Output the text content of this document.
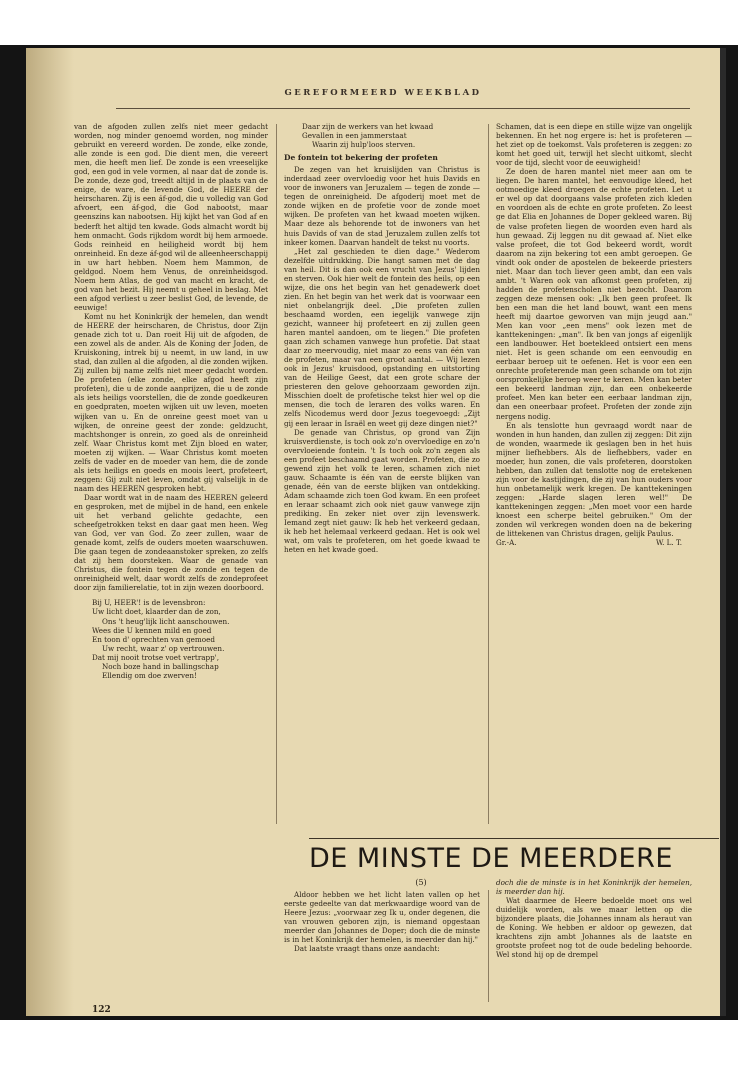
GEREFORMEERD WEEKBLAD

van de afgoden zullen zelfs niet meer gedacht worden, nog minder genoemd worden, nog minder gebruikt en vereerd worden. De zonde, elke zonde, alle zonde is een god. Die dient men, die vereert men, die heeft men lief. De zonde is een vreeselijke god, een god in vele vormen, al naar dat de zonde is. De zonde, deze god, treedt altijd in de plaats van de enige, de ware, de levende God, de HEERE der heirscharen. Zij is een áf-god, die u volledig van God afvoert, een áf-god, die God nabootst, maar geenszins kan nabootsen. Hij kijkt het van God af en bederft het altijd ten kwade. Gods almacht wordt bij hem onmacht. Gods rijkdom wordt bij hem armoede. Gods reinheid en heiligheid wordt bij hem onreinheid. En deze áf-god wil de alleenheerschappij in uw hart hebben. Noem hem Mammon, de geldgod. Noem hem Venus, de onreinheidsgod. Noem hem Atlas, de god van macht en kracht, de god van het bezit. Hij neemt u geheel in beslag. Met een afgod verliest u zeer beslist God, de levende, de eeuwige!

Komt nu het Koninkrijk der hemelen, dan wendt de HEERE der heirscharen, de Christus, door Zijn genade zich tot u. Dan roeit Hij uit de afgoden, de een zowel als de ander. Als de Koning der Joden, de Kruiskoning, intrek bij u neemt, in uw land, in uw stad, dan zullen al die afgoden, al die zonden wijken. Zij zullen bij name zelfs niet meer gedacht worden. De profeten (elke zonde, elke afgod heeft zijn profeten), die u de zonde aanprijzen, die u de zonde als iets heiligs voorstellen, die de zonde goedkeuren en goedpraten, moeten wijken uit uw leven, moeten wijken van u. En de onreine geest moet van u wijken, de onreine geest der zonde: geldzucht, machtshonger is onrein, zo goed als de onreinheid zelf. Waar Christus komt met Zijn bloed en water, moeten zij wijken. — Waar Christus komt moeten zelfs de vader en de moeder van hem, die de zonde als iets heiligs en goeds en moois leert, profeteert, zeggen: Gij zult niet leven, omdat gij valselijk in de naam des HEEREN gesproken hebt.

Daar wordt wat in de naam des HEEREN geleerd en gesproken, met de mijbel in de hand, een enkele uit het verband gelichte gedachte, een scheefgetrokken tekst en daar gaat men heen. Weg van God, ver van God. Zo zeer zullen, waar de genade komt, zelfs de ouders moeten waarschuwen. Die gaan tegen de zondeaanstoker spreken, zo zelfs dat zij hem doorsteken. Waar de genade van Christus, die fontein tegen de zonde en tegen de onreinigheid welt, daar wordt zelfs de zondeprofeet door zijn familierelatie, tot in zijn wezen doorboord.

Bij U, HEER'! is de levensbron:

Uw licht doet, klaarder dan de zon,

Ons 't heug'lijk licht aanschouwen.

Wees die U kennen mild en goed

En toon d' oprechten van gemoed

Uw recht, waar z' op vertrouwen.

Dat mij nooit trotse voet vertrapp',

Noch boze hand in ballingschap

Ellendig om doe zwerven!

Daar zijn de werkers van het kwaad

Gevallen in een jammerstaat

Waarin zij hulp'loos sterven.

De fontein tot bekering der profeten

De zegen van het kruislijden van Christus is inderdaad zeer overvloedig voor het huis Davids en voor de inwoners van Jeruzalem — tegen de zonde — tegen de onreinigheid. De afgoderij moet met de zonde wijken en de profetie voor de zonde moet wijken. De profeten van het kwaad moeten wijken. Maar deze als behorende tot de inwoners van het huis Davids of van de stad Jeruzalem zullen zelfs tot inkeer komen. Daarvan handelt de tekst nu voorts.

„Het zal geschieden te dien dage." Wederom dezelfde uitdrukking. Die hangt samen met de dag van heil. Dit is dan ook een vrucht van Jezus' lijden en sterven. Ook hier welt de fontein des heils, op een wijze, die ons het begin van het genadewerk doet zien. En het begin van het werk dat is voorwaar een niet onbelangrijk deel. „Die profeten zullen beschaamd worden, een iegelijk vanwege zijn gezicht, wanneer hij profeteert en zij zullen geen haren mantel aandoen, om te liegen." Die profeten gaan zich schamen vanwege hun profetie. Dat staat daar zo meervoudig, niet maar zo eens van één van de profeten, maar van een groot aantal. — Wij lezen ook in Jezus' kruisdood, opstanding en uitstorting van de Heilige Geest, dat een grote schare der priesteren den gelove gehoorzaam geworden zijn. Misschien doelt de profetische tekst hier wel op die mensen, die toch de leraren des volks waren. En zelfs Nicodemus werd door Jezus toegevoegd: „Zijt gij een leraar in Israël en weet gij deze dingen niet?"

De genade van Christus, op grond van Zijn kruisverdienste, is toch ook zo'n overvloedige en zo'n overvloeiende fontein. 't Is toch ook zo'n zegen als een profeet beschaamd gaat worden. Profeten, die zo gewend zijn het volk te leren, schamen zich niet gauw. Schaamte is één van de eerste blijken van genade, één van de eerste blijken van ontdekking. Adam schaamde zich toen God kwam. En een profeet en leraar schaamt zich ook niet gauw vanwege zijn prediking. En zeker niet over zijn levenswerk. Iemand zegt niet gauw: Ik heb het verkeerd gedaan, ik heb het helemaal verkeerd gedaan. Het is ook wel wat, om vals te profeteren, om het goede kwaad te heten en het kwade goed.

Schamen, dat is een diepe en stille wijze van ongelijk bekennen. En het nog ergere is: het is profeteren — het ziet op de toekomst. Vals profeteren is zeggen: zo komt het goed uit, terwijl het slecht uitkomt, slecht voor de tijd, slecht voor de eeuwigheid!

Ze doen de haren mantel niet meer aan om te liegen. De haren mantel, het eenvoudige kleed, het ootmoedige kleed droegen de echte profeten. Let u er wel op dat doorgaans valse profeten zich kleden en voordoen als de echte en grote profeten. Zo leest ge dat Elia en Johannes de Doper gekleed waren. Bij de valse profeten liegen de woorden even hard als hun gewaad. Zij leggen nu dit gewaad af. Niet elke valse profeet, die tot God bekeerd wordt, wordt daarom na zijn bekering tot een ambt geroepen. Ge vindt ook onder de apostelen de bekeerde priesters niet. Maar dan toch liever geen ambt, dan een vals ambt. 't Waren ook van afkomst geen profeten, zij hadden de profetenscholen niet bezocht. Daarom zeggen deze mensen ook: „Ik ben geen profeet. Ik ben een man die het land bouwt, want een mens heeft mij daartoe geworven van mijn jeugd aan." Men kan voor „een mens" ook lezen met de kanttekeningen: „man". Ik ben van jongs af eigenlijk een landbouwer. Het boetekleed ontsiert een mens niet. Het is geen schande om een eenvoudig en eerbaar beroep uit te oefenen. Het is voor een een onrechte profeterende man geen schande om tot zijn oorspronkelijke beroep weer te keren. Men kan beter een bekeerd landman zijn, dan een onbekeerde profeet. Men kan beter een eerbaar landman zijn, dan een oneerbaar profeet. Profeten der zonde zijn nergens nodig.

En als tenslotte hun gevraagd wordt naar de wonden in hun handen, dan zullen zij zeggen: Dit zijn de wonden, waarmede ik geslagen ben in het huis mijner liefhebbers. Als de liefhebbers, vader en moeder, hun zonen, die vals profeteren, doorstoken hebben, dan zullen dat tenslotte nog de eretekenen zijn voor de kastijdingen, die zij van hun ouders voor hun onbetamelijk werk kregen. De kanttekeningen zeggen: „Harde slagen leren wel!" De kanttekeningen zeggen: „Men moet voor een harde knoest een scherpe beitel gebruiken." Om der zonden wil verkregen wonden doen na de bekering de littekenen van Christus dragen, gelijk Paulus.

Gr.-A.	W. L. T.

DE MINSTE DE MEERDERE
(5)

Aldoor hebben we het licht laten vallen op het eerste gedeelte van dat merkwaardige woord van de Heere Jezus: „voorwaar zeg Ik u, onder degenen, die van vrouwen geboren zijn, is niemand opgestaan meerder dan Johannes de Doper; doch die de minste is in het Koninkrijk der hemelen, is meerder dan hij."

Dat laatste vraagt thans onze aandacht:

doch die de minste is in het Koninkrijk der hemelen, is meerder dan hij.

Wat daarmee de Heere bedoelde moet ons wel duidelijk worden, als we maar letten op die bijzondere plaats, die Johannes innam als heraut van de Koning. We hebben er aldoor op gewezen, dat krachtens zijn ambt Johannes als de laatste en grootste profeet nog tot de oude bedeling behoorde. Wel stond hij op de drempel

122
